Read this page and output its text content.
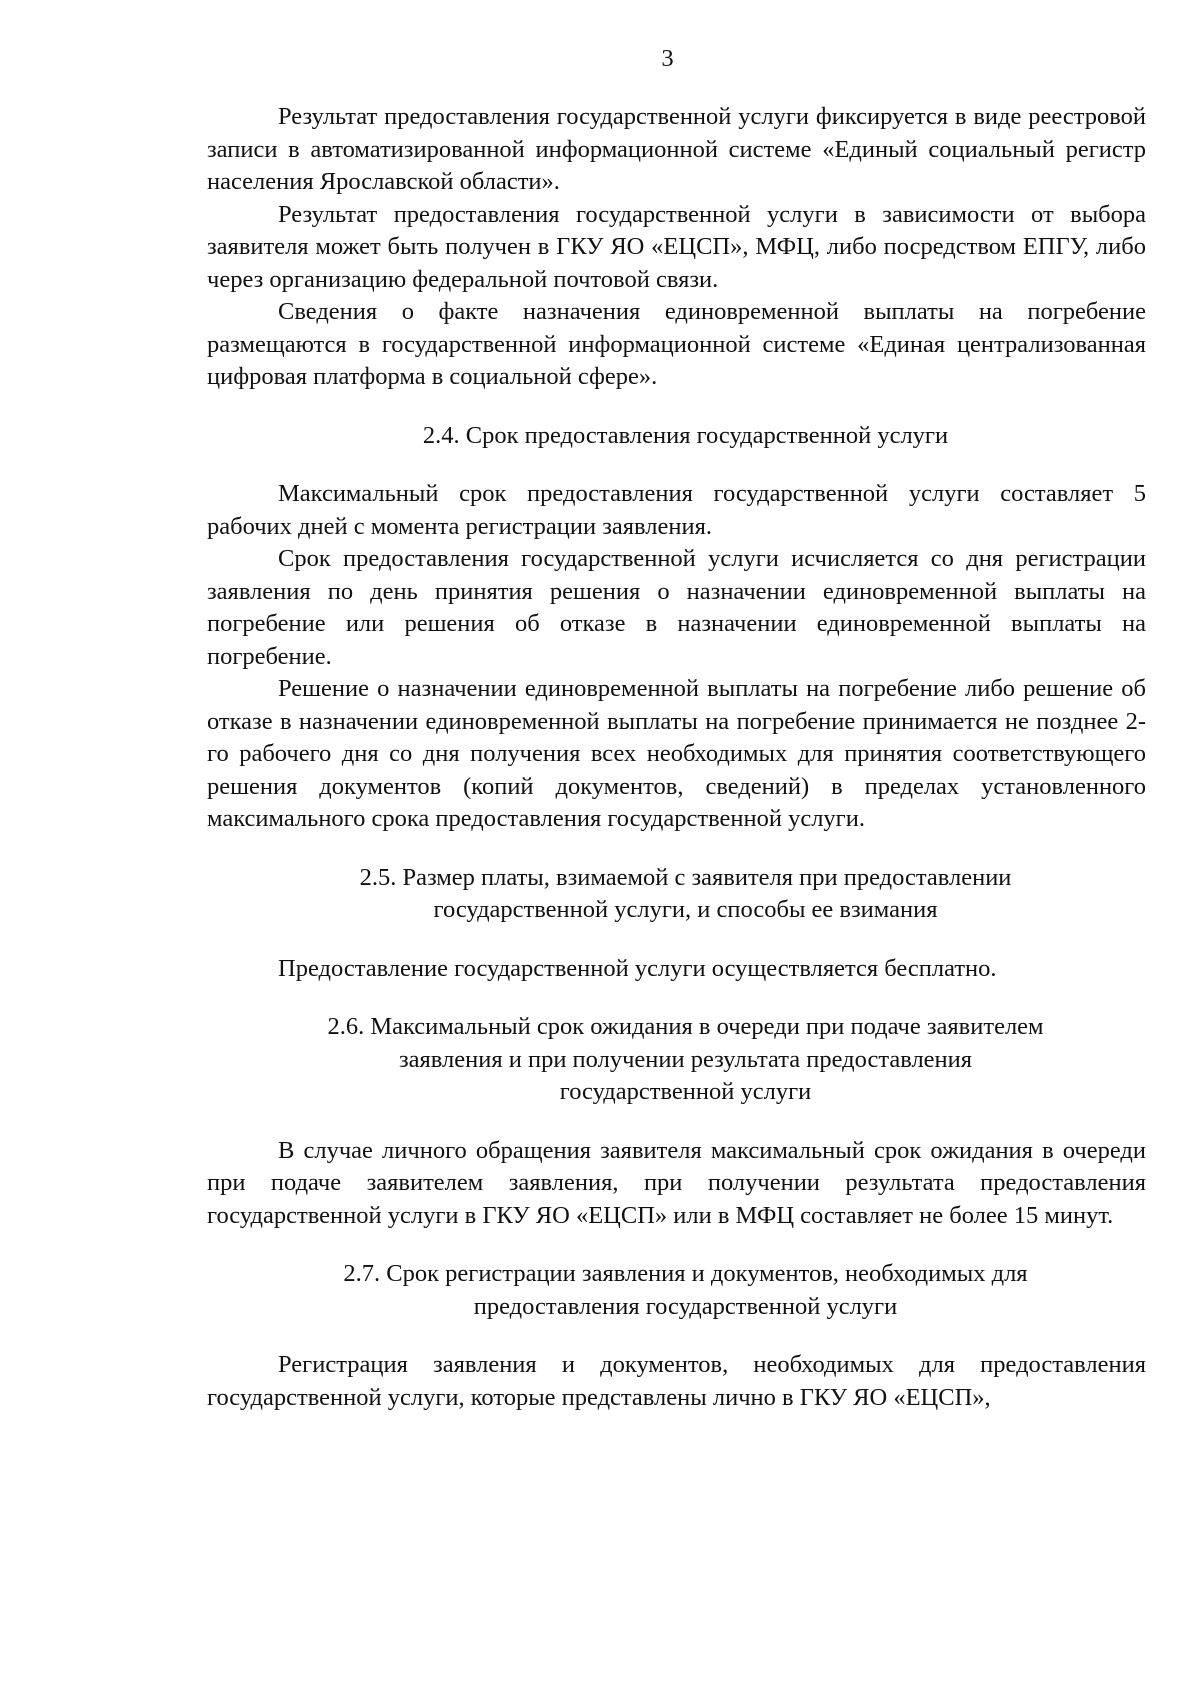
3

Результат предоставления государственной услуги фиксируется в виде реестровой записи в автоматизированной информационной системе «Единый социальный регистр населения Ярославской области».

Результат предоставления государственной услуги в зависимости от выбора заявителя может быть получен в ГКУ ЯО «ЕЦСП», МФЦ, либо посредством ЕПГУ, либо через организацию федеральной почтовой связи.

Сведения о факте назначения единовременной выплаты на погребение размещаются в государственной информационной системе «Единая централизованная цифровая платформа в социальной сфере».

2.4. Срок предоставления государственной услуги

Максимальный срок предоставления государственной услуги составляет 5 рабочих дней с момента регистрации заявления.

Срок предоставления государственной услуги исчисляется со дня регистрации заявления по день принятия решения о назначении единовременной выплаты на погребение или решения об отказе в назначении единовременной выплаты на погребение.

Решение о назначении единовременной выплаты на погребение либо решение об отказе в назначении единовременной выплаты на погребение принимается не позднее 2-го рабочего дня со дня получения всех необходимых для принятия соответствующего решения документов (копий документов, сведений) в пределах установленного максимального срока предоставления государственной услуги.

2.5. Размер платы, взимаемой с заявителя при предоставлении

государственной услуги, и способы ее взимания

Предоставление государственной услуги осуществляется бесплатно.

2.6. Максимальный срок ожидания в очереди при подаче заявителем

заявления и при получении результата предоставления

государственной услуги

В случае личного обращения заявителя максимальный срок ожидания в очереди при подаче заявителем заявления, при получении результата предоставления государственной услуги в ГКУ ЯО «ЕЦСП» или в МФЦ составляет не более 15 минут.

2.7. Срок регистрации заявления и документов, необходимых для

предоставления государственной услуги

Регистрация заявления и документов, необходимых для предоставления государственной услуги, которые представлены лично в ГКУ ЯО «ЕЦСП»,
